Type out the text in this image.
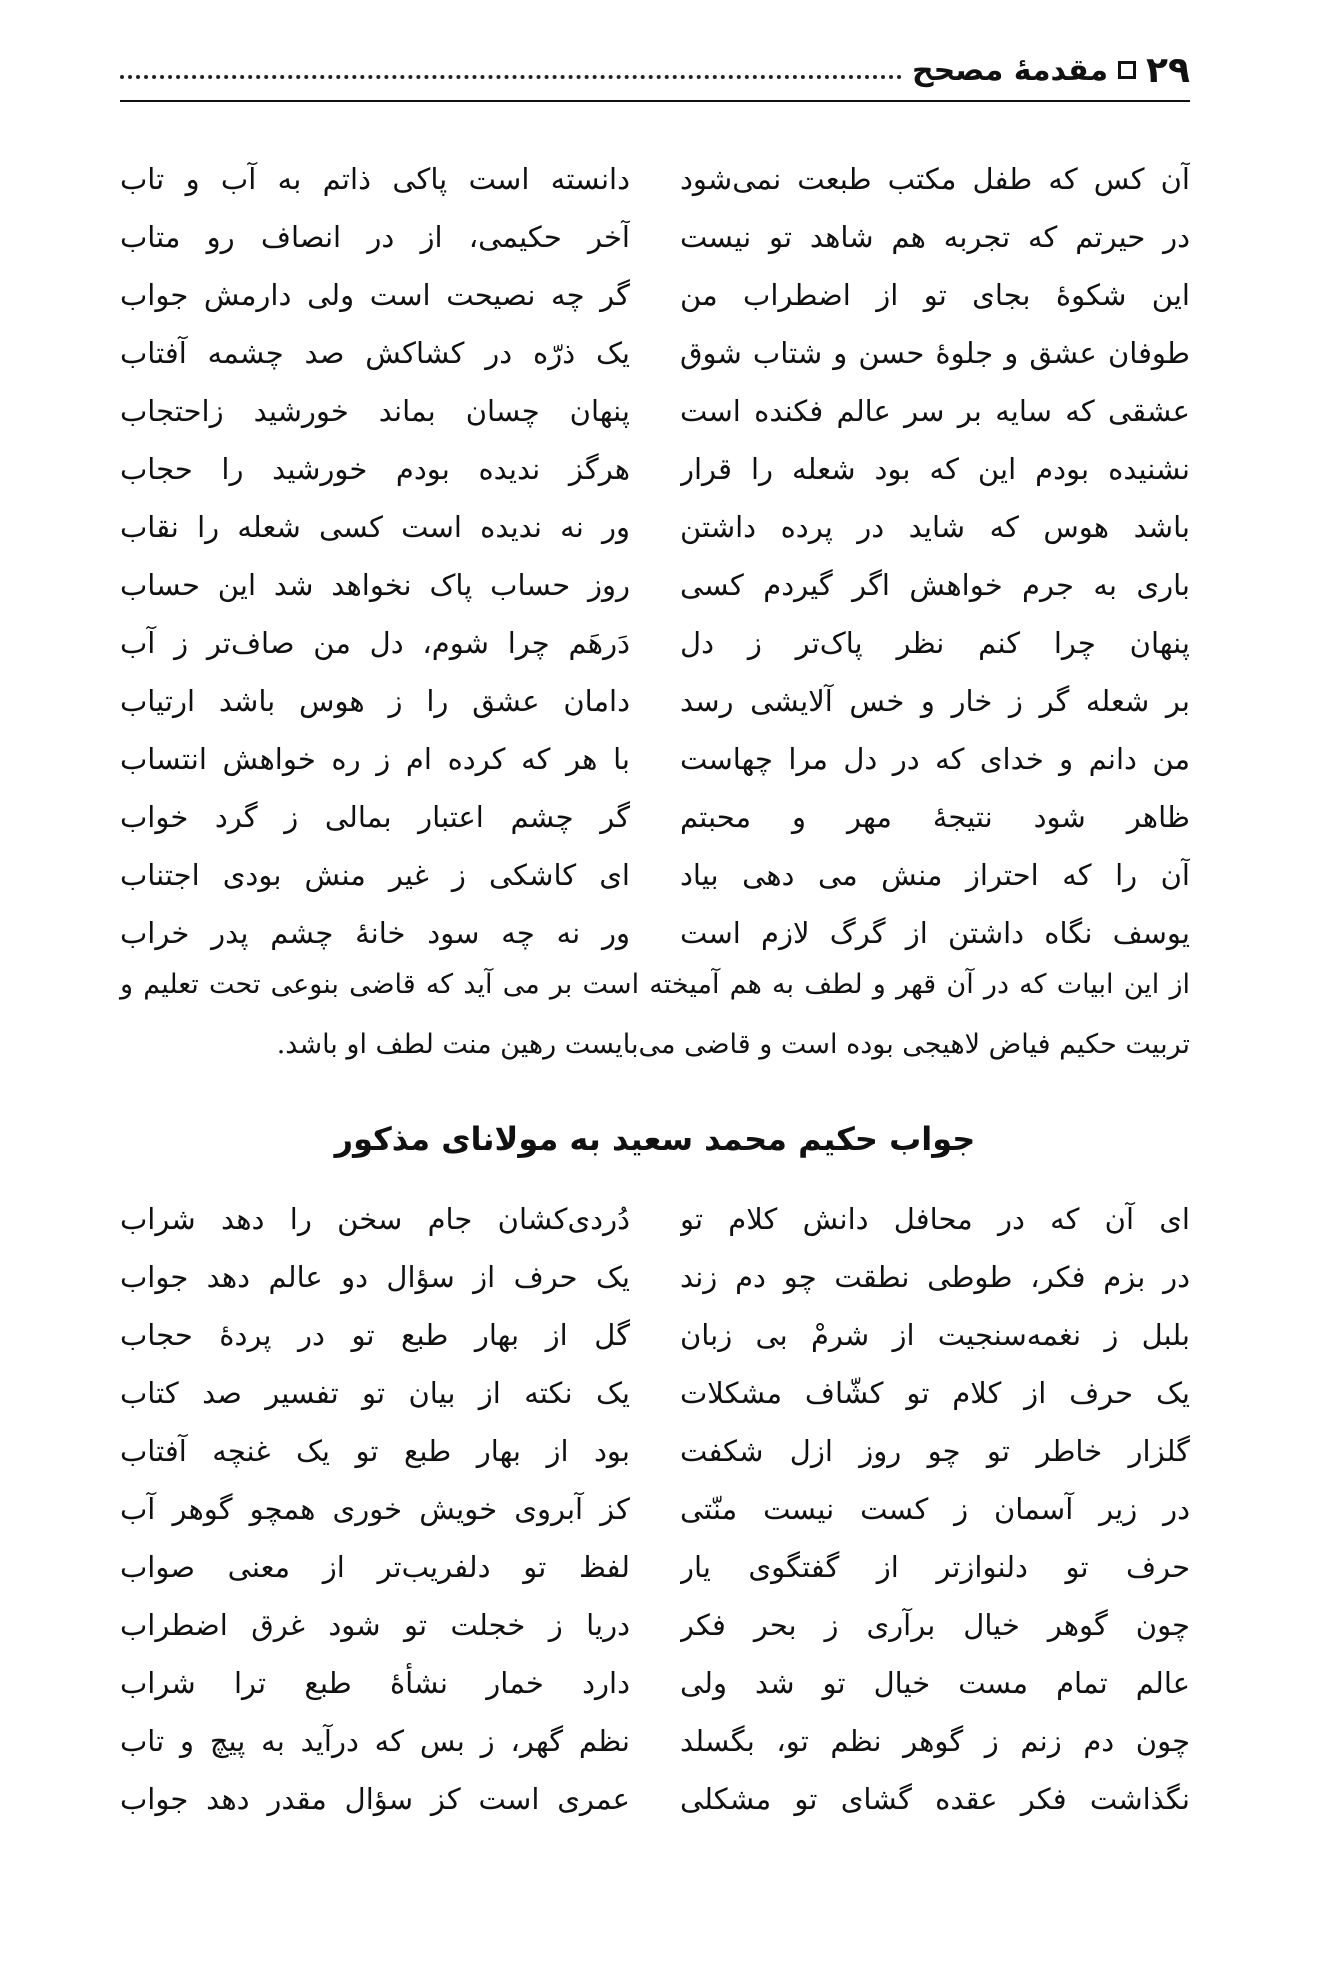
۲۹
مقدمهٔ مصحح
آن کس که طفل مکتب طبعت نمی‌شود
دانسته است پاکی ذاتم به آب و تاب
در حیرتم که تجربه هم شاهد تو نیست
آخر حکیمی، از در انصاف رو متاب
این شکوهٔ بجای تو از اضطراب من
گر چه نصیحت است ولی دارمش جواب
طوفان عشق و جلوهٔ حسن و شتاب شوق
یک ذرّه در کشاکش صد چشمه آفتاب
عشقی که سایه بر سر عالم فکنده است
پنهان چسان بماند خورشید زاحتجاب
نشنیده بودم این که بود شعله را قرار
هرگز ندیده بودم خورشید را حجاب
باشد هوس که شاید در پرده داشتن
ور نه ندیده است کسی شعله را نقاب
باری به جرم خواهش اگر گیردم کسی
روز حساب پاک نخواهد شد این حساب
پنهان چرا کنم نظر پاک‌تر ز دل
دَرهَم چرا شوم، دل من صاف‌تر ز آب
بر شعله گر ز خار و خس آلایشی رسد
دامان عشق را ز هوس باشد ارتیاب
من دانم و خدای که در دل مرا چهاست
با هر که کرده ام ز ره خواهش انتساب
ظاهر شود نتیجهٔ مهر و محبتم
گر چشم اعتبار بمالی ز گرد خواب
آن را که احتراز منش می دهی بیاد
ای کاشکی ز غیر منش بودی اجتناب
یوسف نگاه داشتن از گرگ لازم است
ور نه چه سود خانهٔ چشم پدر خراب
از این ابیات که در آن قهر و لطف به هم آمیخته است بر می آید که قاضی بنوعی تحت تعلیم و تربیت حکیم فیاض لاهیجی بوده است و قاضی می‌بایست رهین منت لطف او باشد.
جواب حکیم محمد سعید به مولانای مذکور
ای آن که در محافل دانش کلام تو
دُردی‌کشان جام سخن را دهد شراب
در بزم فکر، طوطی نطقت چو دم زند
یک حرف از سؤال دو عالم دهد جواب
بلبل ز نغمه‌سنجیت از شرمْ بی زبان
گل از بهار طبع تو در پردهٔ حجاب
یک حرف از کلام تو کشّاف مشکلات
یک نکته از بیان تو تفسیر صد کتاب
گلزار خاطر تو چو روز ازل شکفت
بود از بهار طبع تو یک غنچه آفتاب
در زیر آسمان ز کست نیست منّتی
کز آبروی خویش خوری همچو گوهر آب
حرف تو دلنوازتر از گفتگوی یار
لفظ تو دلفریب‌تر از معنی صواب
چون گوهر خیال برآری ز بحر فکر
دریا ز خجلت تو شود غرق اضطراب
عالم تمام مست خیال تو شد ولی
دارد خمار نشأهٔ طبع ترا شراب
چون دم زنم ز گوهر نظم تو، بگسلد
نظم گهر، ز بس که درآید به پیچ و تاب
نگذاشت فکر عقده گشای تو مشکلی
عمری است کز سؤال مقدر دهد جواب
